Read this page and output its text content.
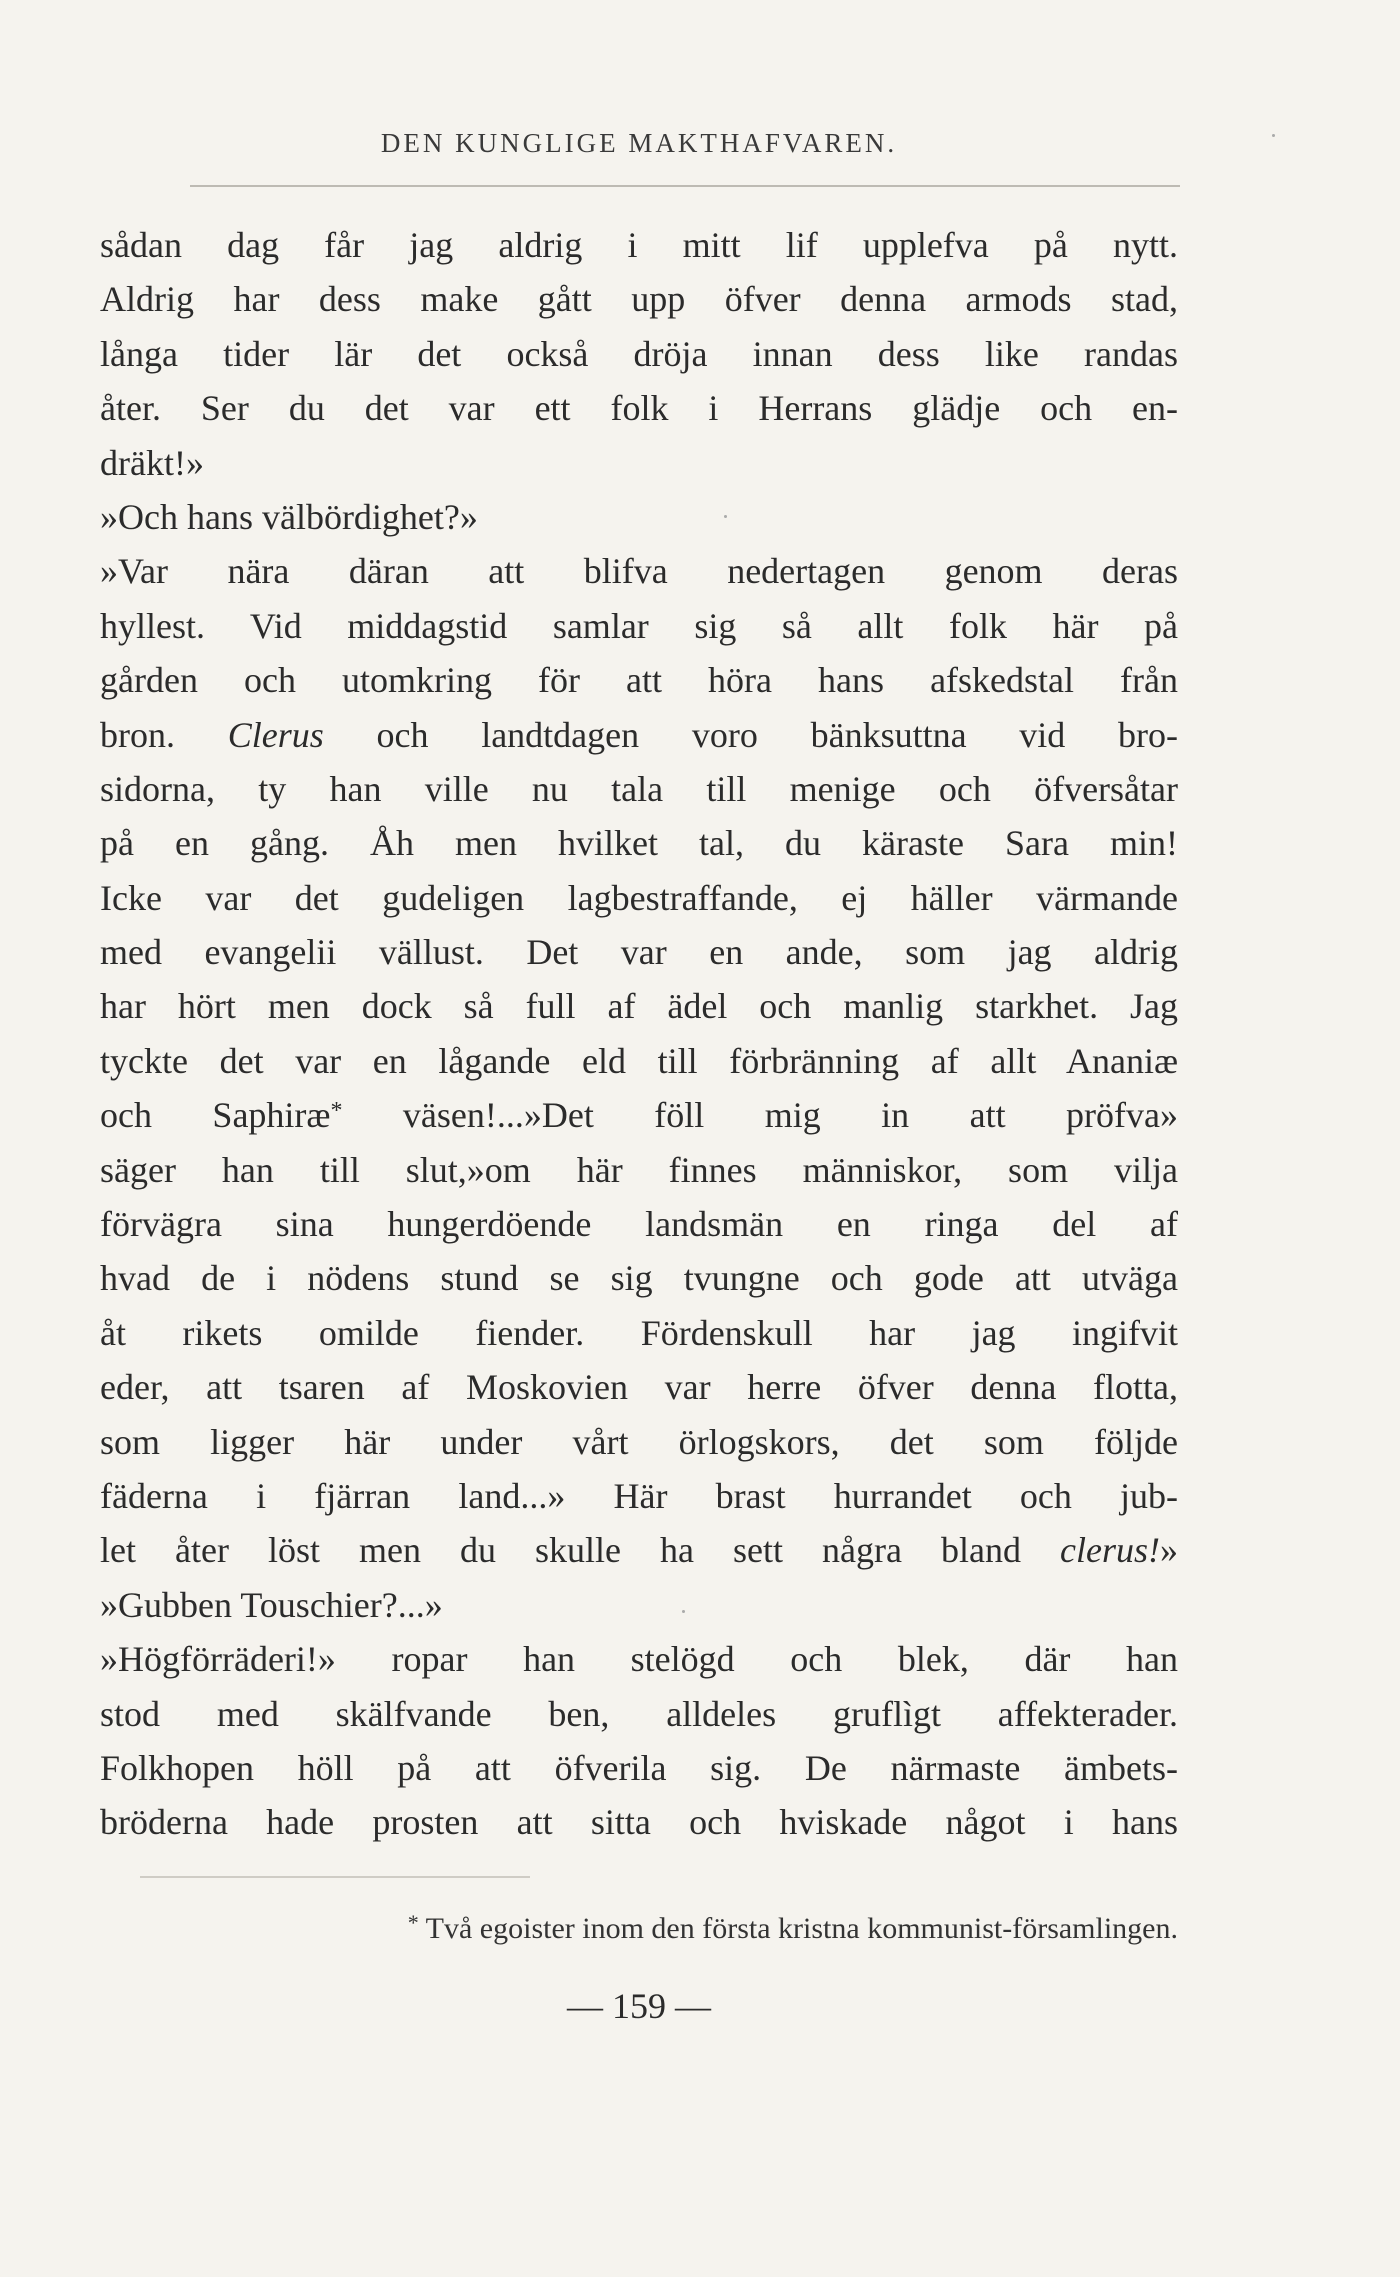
DEN KUNGLIGE MAKTHAFVAREN.
sådan dag får jag aldrig i mitt lif upplefva på nytt.
Aldrig har dess make gått upp öfver denna armods stad,
långa tider lär det också dröja innan dess like randas
åter. Ser du det var ett folk i Herrans glädje och en-
dräkt!»
»Och hans välbördighet?»
»Var nära däran att blifva nedertagen genom deras
hyllest. Vid middagstid samlar sig så allt folk här på
gården och utomkring för att höra hans afskedstal från
bron. Clerus och landtdagen voro bänksuttna vid bro-
sidorna, ty han ville nu tala till menige och öfversåtar
på en gång. Åh men hvilket tal, du käraste Sara min!
Icke var det gudeligen lagbestraffande, ej häller värmande
med evangelii vällust. Det var en ande, som jag aldrig
har hört men dock så full af ädel och manlig starkhet. Jag
tyckte det var en lågande eld till förbränning af allt Ananiæ
och Saphiræ* väsen!...»Det föll mig in att pröfva»
säger han till slut,»om här finnes människor, som vilja
förvägra sina hungerdöende landsmän en ringa del af
hvad de i nödens stund se sig tvungne och gode att utväga
åt rikets omilde fiender. Fördenskull har jag ingifvit
eder, att tsaren af Moskovien var herre öfver denna flotta,
som ligger här under vårt örlogskors, det som följde
fäderna i fjärran land...» Här brast hurrandet och jub-
let åter löst men du skulle ha sett några bland clerus!»
»Gubben Touschier?...»
»Högförräderi!» ropar han stelögd och blek, där han
stod med skälfvande ben, alldeles gruflìgt affekterader.
Folkhopen höll på att öfverila sig. De närmaste ämbets-
bröderna hade prosten att sitta och hviskade något i hans
* Två egoister inom den första kristna kommunist-församlingen.
— 159 —
